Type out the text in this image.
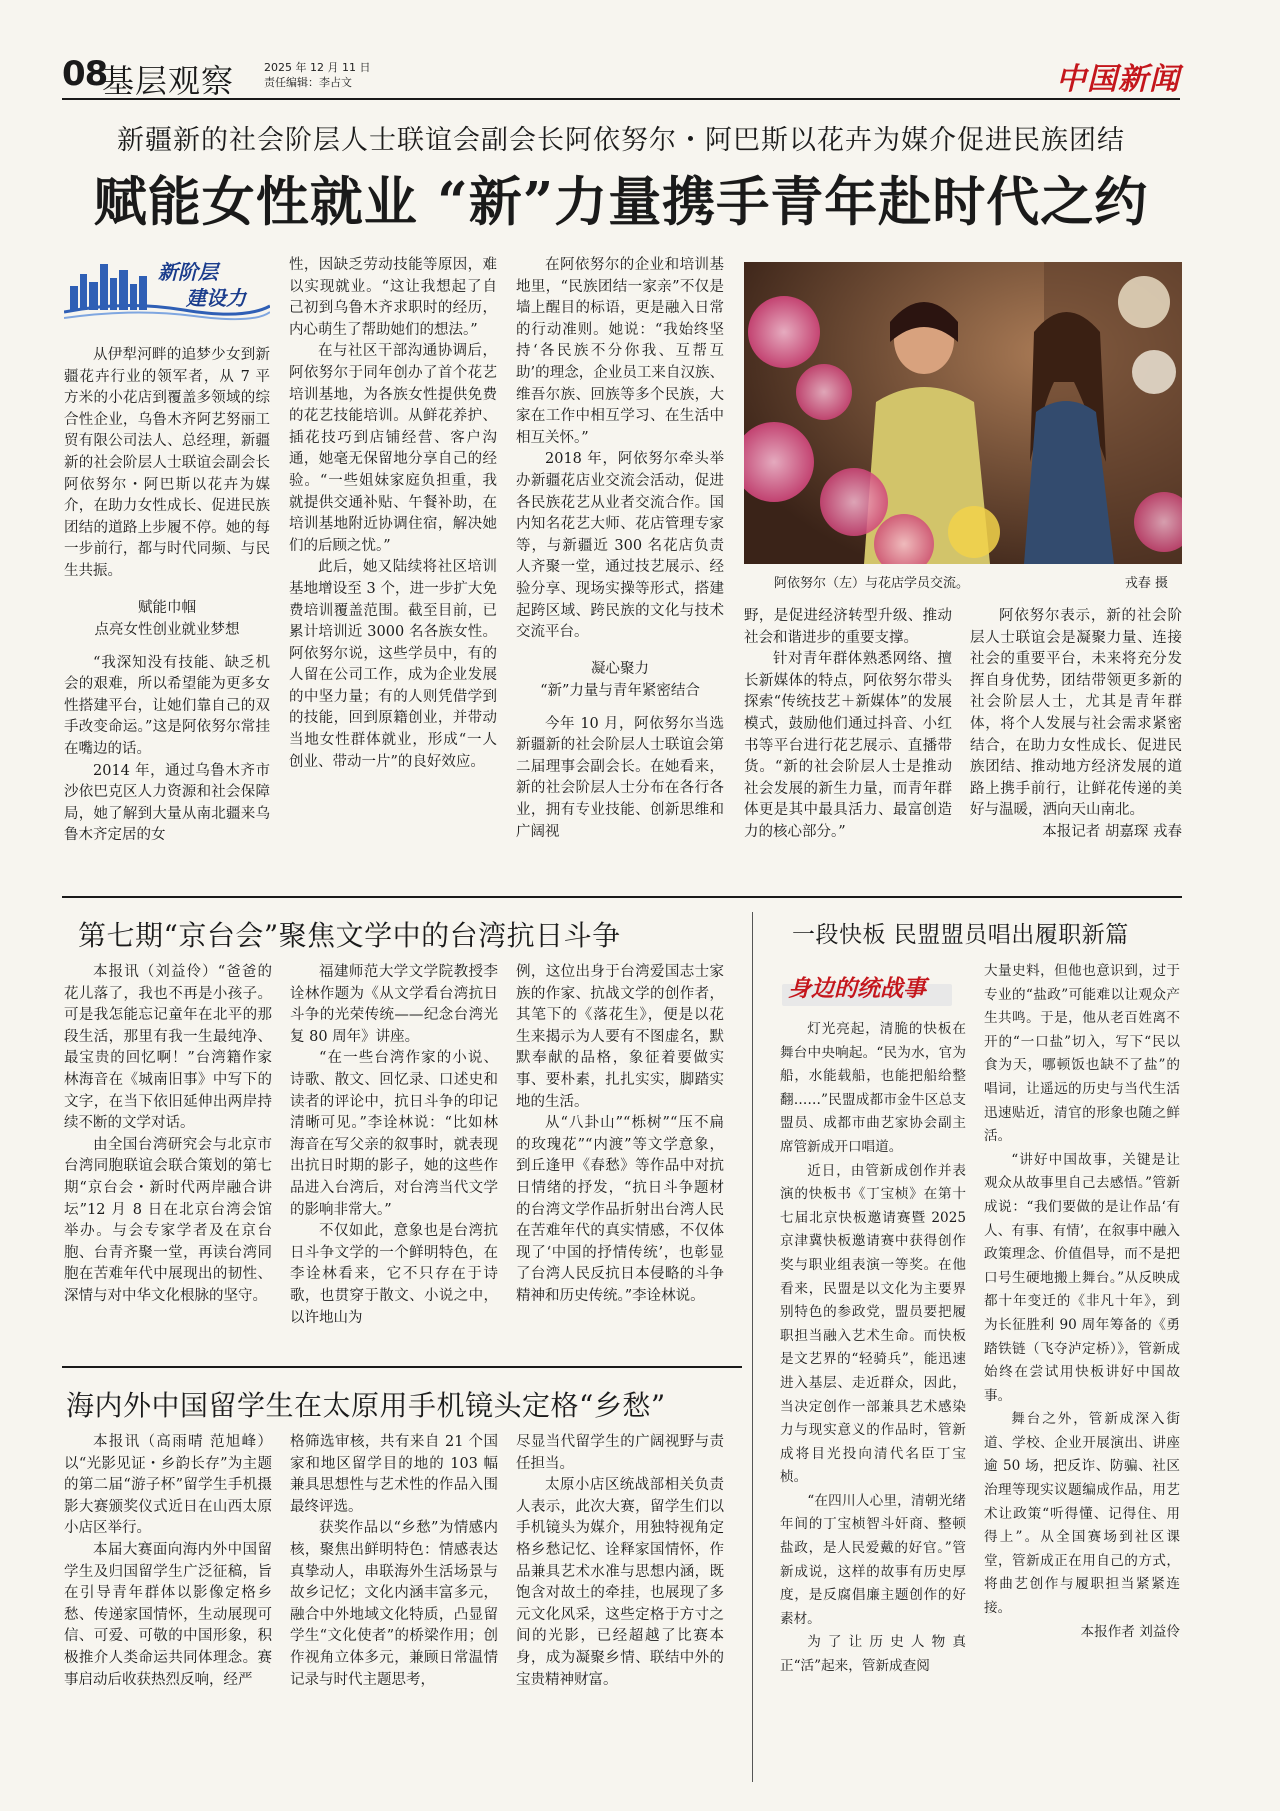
08
基层观察	2025 年 12 月 11 日
责任编辑：李占文	中国新闻
新疆新的社会阶层人士联谊会副会长阿依努尔・阿巴斯以花卉为媒介促进民族团结
赋能女性就业 “新”力量携手青年赴时代之约
新阶层
建设力

从伊犁河畔的追梦少女到新疆花卉行业的领军者，从 7 平方米的小花店到覆盖多领域的综合性企业，乌鲁木齐阿艺努丽工贸有限公司法人、总经理，新疆新的社会阶层人士联谊会副会长阿依努尔・阿巴斯以花卉为媒介，在助力女性成长、促进民族团结的道路上步履不停。她的每一步前行，都与时代同频、与民生共振。

赋能巾帼

点亮女性创业就业梦想

“我深知没有技能、缺乏机会的艰难，所以希望能为更多女性搭建平台，让她们靠自己的双手改变命运。”这是阿依努尔常挂在嘴边的话。

2014 年，通过乌鲁木齐市沙依巴克区人力资源和社会保障局，她了解到大量从南北疆来乌鲁木齐定居的女

性，因缺乏劳动技能等原因，难以实现就业。“这让我想起了自己初到乌鲁木齐求职时的经历，内心萌生了帮助她们的想法。”

在与社区干部沟通协调后，阿依努尔于同年创办了首个花艺培训基地，为各族女性提供免费的花艺技能培训。从鲜花养护、插花技巧到店铺经营、客户沟通，她毫无保留地分享自己的经验。“一些姐妹家庭负担重，我就提供交通补贴、午餐补助，在培训基地附近协调住宿，解决她们的后顾之忧。”

此后，她又陆续将社区培训基地增设至 3 个，进一步扩大免费培训覆盖范围。截至目前，已累计培训近 3000 名各族女性。阿依努尔说，这些学员中，有的人留在公司工作，成为企业发展的中坚力量；有的人则凭借学到的技能，回到原籍创业，并带动当地女性群体就业，形成“一人创业、带动一片”的良好效应。

在阿依努尔的企业和培训基地里，“民族团结一家亲”不仅是墙上醒目的标语，更是融入日常的行动准则。她说：“我始终坚持‘各民族不分你我、互帮互助’的理念，企业员工来自汉族、维吾尔族、回族等多个民族，大家在工作中相互学习、在生活中相互关怀。”

2018 年，阿依努尔牵头举办新疆花店业交流会活动，促进各民族花艺从业者交流合作。国内知名花艺大师、花店管理专家等，与新疆近 300 名花店负责人齐聚一堂，通过技艺展示、经验分享、现场实操等形式，搭建起跨区域、跨民族的文化与技术交流平台。

凝心聚力

“新”力量与青年紧密结合

今年 10 月，阿依努尔当选新疆新的社会阶层人士联谊会第二届理事会副会长。在她看来，新的社会阶层人士分布在各行各业，拥有专业技能、创新思维和广阔视

阿依努尔（左）与花店学员交流。	戎春 摄

野，是促进经济转型升级、推动社会和谐进步的重要支撑。

针对青年群体熟悉网络、擅长新媒体的特点，阿依努尔带头探索“传统技艺＋新媒体”的发展模式，鼓励他们通过抖音、小红书等平台进行花艺展示、直播带货。“新的社会阶层人士是推动社会发展的新生力量，而青年群体更是其中最具活力、最富创造力的核心部分。”

阿依努尔表示，新的社会阶层人士联谊会是凝聚力量、连接社会的重要平台，未来将充分发挥自身优势，团结带领更多新的社会阶层人士，尤其是青年群体，将个人发展与社会需求紧密结合，在助力女性成长、促进民族团结、推动地方经济发展的道路上携手前行，让鲜花传递的美好与温暖，洒向天山南北。

本报记者 胡嘉琛 戎春

第七期“京台会”聚焦文学中的台湾抗日斗争

本报讯（刘益伶）“爸爸的花儿落了，我也不再是小孩子。可是我怎能忘记童年在北平的那段生活，那里有我一生最纯净、最宝贵的回忆啊！”台湾籍作家林海音在《城南旧事》中写下的文字，在当下依旧延伸出两岸持续不断的文学对话。

由全国台湾研究会与北京市台湾同胞联谊会联合策划的第七期“京台会・新时代两岸融合讲坛”12 月 8 日在北京台湾会馆举办。与会专家学者及在京台胞、台青齐聚一堂，再读台湾同胞在苦难年代中展现出的韧性、深情与对中华文化根脉的坚守。

福建师范大学文学院教授李诠林作题为《从文学看台湾抗日斗争的光荣传统——纪念台湾光复 80 周年》讲座。

“在一些台湾作家的小说、诗歌、散文、回忆录、口述史和读者的评论中，抗日斗争的印记清晰可见。”李诠林说：“比如林海音在写父亲的叙事时，就表现出抗日时期的影子，她的这些作品进入台湾后，对台湾当代文学的影响非常大。”

不仅如此，意象也是台湾抗日斗争文学的一个鲜明特色，在李诠林看来，它不只存在于诗歌，也贯穿于散文、小说之中，以许地山为

例，这位出身于台湾爱国志士家族的作家、抗战文学的创作者，其笔下的《落花生》，便是以花生来揭示为人要有不图虚名，默默奉献的品格，象征着要做实事、要朴素，扎扎实实，脚踏实地的生活。

从“八卦山”“栎树”“压不扁的玫瑰花”“内渡”等文学意象，到丘逢甲《春愁》等作品中对抗日情绪的抒发，“抗日斗争题材的台湾文学作品折射出台湾人民在苦难年代的真实情感，不仅体现了‘中国的抒情传统’，也彰显了台湾人民反抗日本侵略的斗争精神和历史传统。”李诠林说。

海内外中国留学生在太原用手机镜头定格“乡愁”

本报讯（高雨晴 范旭峰）以“光影见证・乡韵长存”为主题的第二届“游子杯”留学生手机摄影大赛颁奖仪式近日在山西太原小店区举行。

本届大赛面向海内外中国留学生及归国留学生广泛征稿，旨在引导青年群体以影像定格乡愁、传递家国情怀，生动展现可信、可爱、可敬的中国形象，积极推介人类命运共同体理念。赛事启动后收获热烈反响，经严

格筛选审核，共有来自 21 个国家和地区留学目的地的 103 幅兼具思想性与艺术性的作品入围最终评选。

获奖作品以“乡愁”为情感内核，聚焦出鲜明特色：情感表达真挚动人，串联海外生活场景与故乡记忆；文化内涵丰富多元，融合中外地域文化特质，凸显留学生“文化使者”的桥梁作用；创作视角立体多元，兼顾日常温情记录与时代主题思考，

尽显当代留学生的广阔视野与责任担当。

太原小店区统战部相关负责人表示，此次大赛，留学生们以手机镜头为媒介，用独特视角定格乡愁记忆、诠释家国情怀，作品兼具艺术水准与思想内涵，既饱含对故土的牵挂，也展现了多元文化风采，这些定格于方寸之间的光影，已经超越了比赛本身，成为凝聚乡情、联结中外的宝贵精神财富。

一段快板 民盟盟员唱出履职新篇
身边的统战事

灯光亮起，清脆的快板在舞台中央响起。“民为水，官为船，水能载船，也能把船给整翻……”民盟成都市金牛区总支盟员、成都市曲艺家协会副主席管新成开口唱道。

近日，由管新成创作并表演的快板书《丁宝桢》在第十七届北京快板邀请赛暨 2025 京津冀快板邀请赛中获得创作奖与职业组表演一等奖。在他看来，民盟是以文化为主要界别特色的参政党，盟员要把履职担当融入艺术生命。而快板是文艺界的“轻骑兵”，能迅速进入基层、走近群众，因此，当决定创作一部兼具艺术感染力与现实意义的作品时，管新成将目光投向清代名臣丁宝桢。

“在四川人心里，清朝光绪年间的丁宝桢智斗奸商、整顿盐政，是人民爱戴的好官。”管新成说，这样的故事有历史厚度，是反腐倡廉主题创作的好素材。

为了让历史人物真正“活”起来，管新成查阅

大量史料，但他也意识到，过于专业的“盐政”可能难以让观众产生共鸣。于是，他从老百姓离不开的“一口盐”切入，写下“民以食为天，哪顿饭也缺不了盐”的唱词，让遥远的历史与当代生活迅速贴近，清官的形象也随之鲜活。

“讲好中国故事，关键是让观众从故事里自己去感悟。”管新成说：“我们要做的是让作品‘有人、有事、有情’，在叙事中融入政策理念、价值倡导，而不是把口号生硬地搬上舞台。”从反映成都十年变迁的《非凡十年》，到为长征胜利 90 周年筹备的《勇踏铁链（飞夺泸定桥）》，管新成始终在尝试用快板讲好中国故事。

舞台之外，管新成深入街道、学校、企业开展演出、讲座逾 50 场，把反诈、防骗、社区治理等现实议题编成作品，用艺术让政策“听得懂、记得住、用得上”。从全国赛场到社区课堂，管新成正在用自己的方式，将曲艺创作与履职担当紧紧连接。

本报作者 刘益伶
